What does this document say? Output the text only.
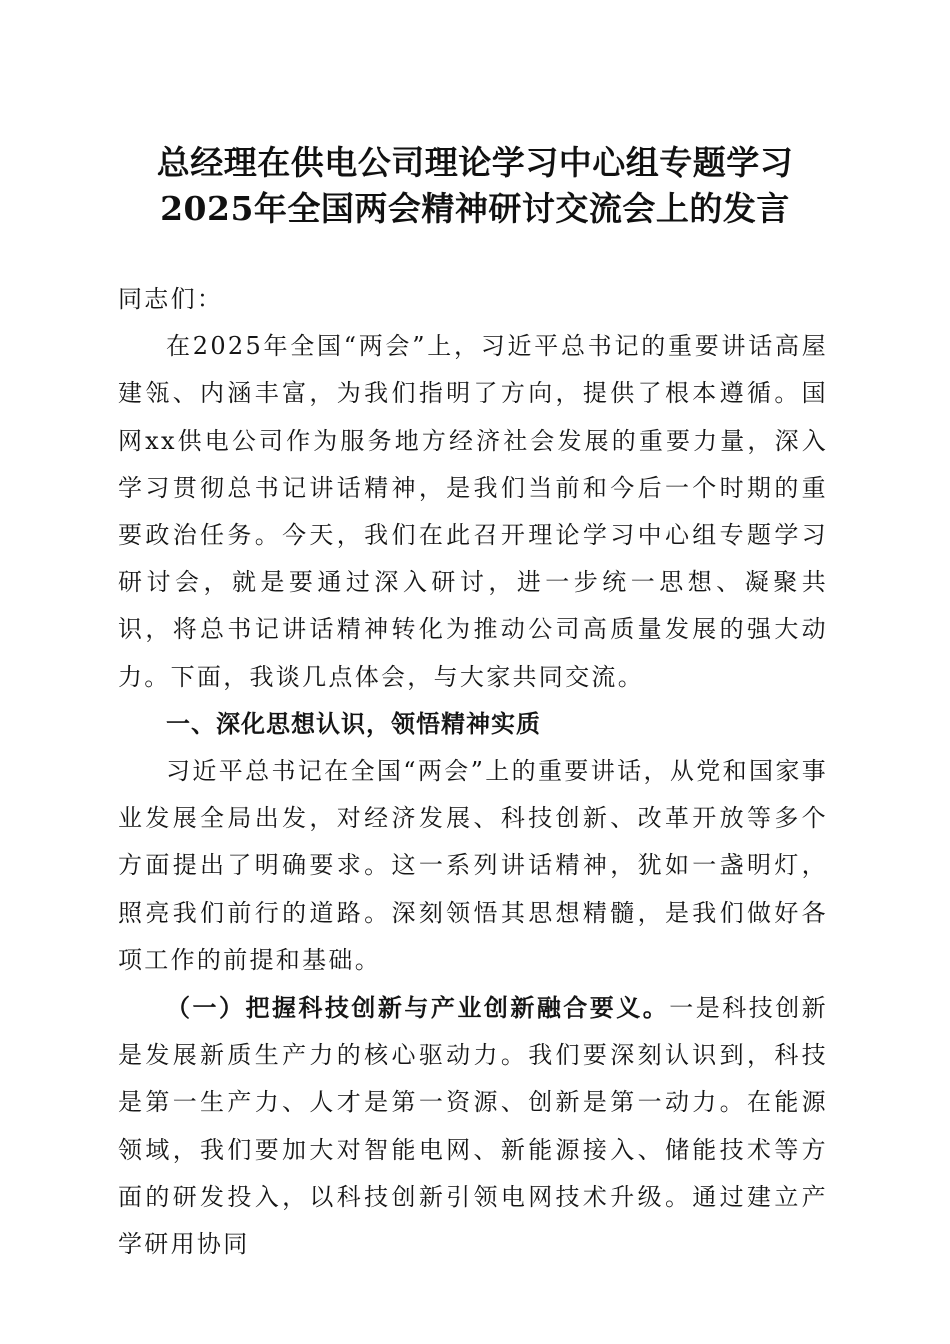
总经理在供电公司理论学习中心组专题学习
2025年全国两会精神研讨交流会上的发言

同志们：

在2025年全国“两会”上，习近平总书记的重要讲话高屋建瓴、内涵丰富，为我们指明了方向，提供了根本遵循。国网xx供电公司作为服务地方经济社会发展的重要力量，深入学习贯彻总书记讲话精神，是我们当前和今后一个时期的重要政治任务。今天，我们在此召开理论学习中心组专题学习研讨会，就是要通过深入研讨，进一步统一思想、凝聚共识，将总书记讲话精神转化为推动公司高质量发展的强大动力。下面，我谈几点体会，与大家共同交流。

一、深化思想认识，领悟精神实质

习近平总书记在全国“两会”上的重要讲话，从党和国家事业发展全局出发，对经济发展、科技创新、改革开放等多个方面提出了明确要求。这一系列讲话精神，犹如一盏明灯，照亮我们前行的道路。深刻领悟其思想精髓，是我们做好各项工作的前提和基础。

（一）把握科技创新与产业创新融合要义。一是科技创新是发展新质生产力的核心驱动力。我们要深刻认识到，科技是第一生产力、人才是第一资源、创新是第一动力。在能源领域，我们要加大对智能电网、新能源接入、储能技术等方面的研发投入，以科技创新引领电网技术升级。通过建立产学研用协同
